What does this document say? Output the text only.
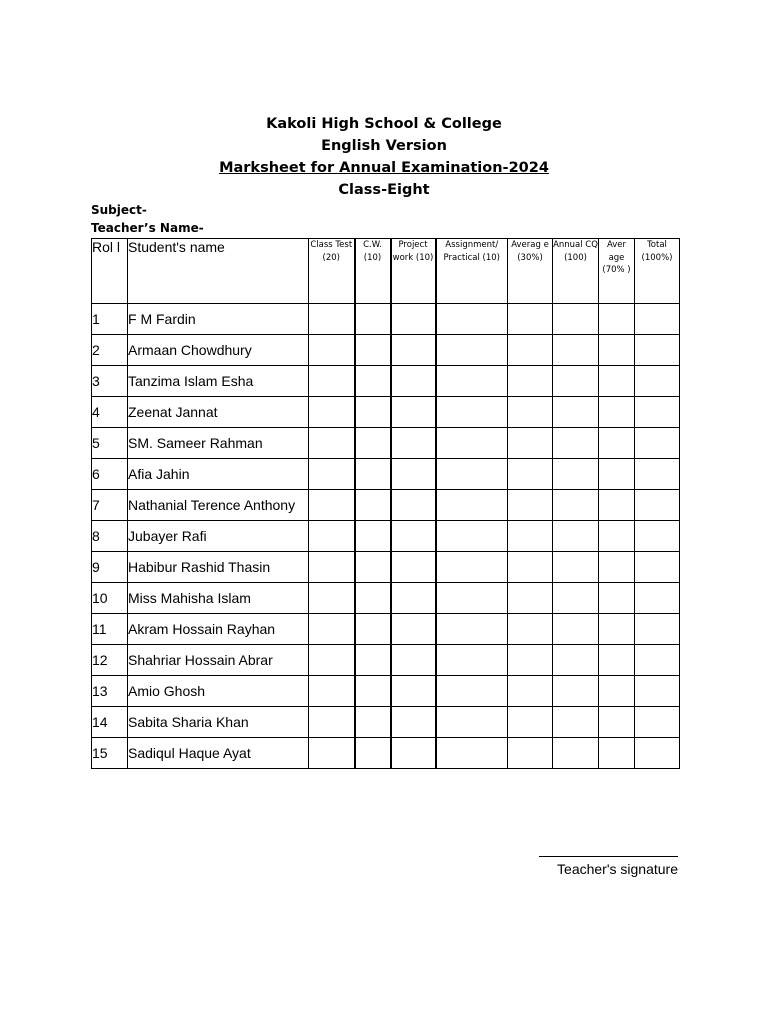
Kakoli High School & College
English Version
Marksheet for Annual Examination-2024
Class-Eight
Subject-
Teacher’s Name-
Rol l	Student's name	Class Test (20)	C.W. (10)	Project work (10)	Assignment/ Practical (10)	Averag e (30%)	Annual CQ (100)	Aver age (70% )	Total (100%)
1	F M Fardin								
2	Armaan Chowdhury								
3	Tanzima Islam Esha								
4	Zeenat Jannat								
5	SM. Sameer Rahman								
6	Afia Jahin								
7	Nathanial Terence Anthony								
8	Jubayer Rafi								
9	Habibur Rashid Thasin								
10	Miss Mahisha Islam								
11	Akram Hossain Rayhan								
12	Shahriar Hossain Abrar								
13	Amio Ghosh								
14	Sabita Sharia Khan								
15	Sadiqul Haque Ayat								
Teacher's signature
